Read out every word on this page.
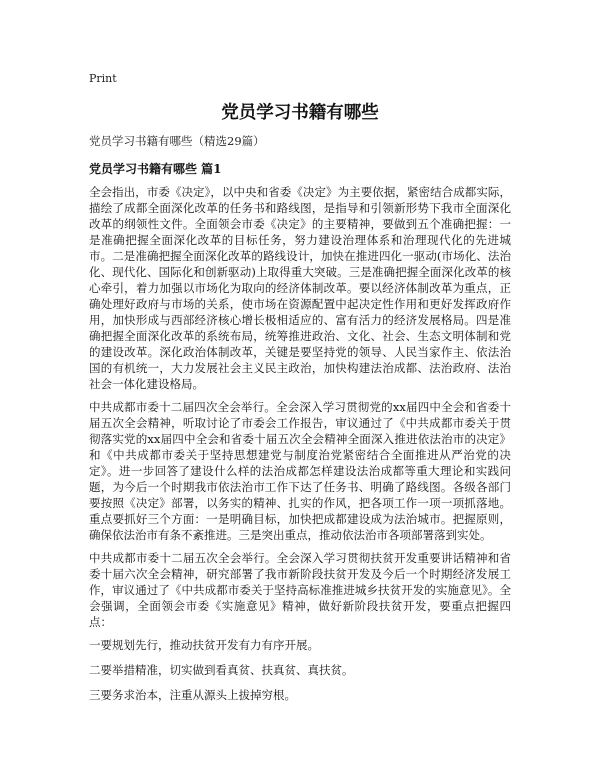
Print
党员学习书籍有哪些
党员学习书籍有哪些（精选29篇）
党员学习书籍有哪些 篇1

全会指出，市委《决定》，以中央和省委《决定》为主要依据，紧密结合成都实际，描绘了成都全面深化改革的任务书和路线图，是指导和引领新形势下我市全面深化改革的纲领性文件。全面领会市委《决定》的主要精神，要做到五个准确把握：一是准确把握全面深化改革的目标任务，努力建设治理体系和治理现代化的先进城市。二是准确把握全面深化改革的路线设计，加快在推进四化一驱动(市场化、法治化、现代化、国际化和创新驱动)上取得重大突破。三是准确把握全面深化改革的核心牵引，着力加强以市场化为取向的经济体制改革。要以经济体制改革为重点，正确处理好政府与市场的关系，使市场在资源配置中起决定性作用和更好发挥政府作用，加快形成与西部经济核心增长极相适应的、富有活力的经济发展格局。四是准确把握全面深化改革的系统布局，统筹推进政治、文化、社会、生态文明体制和党的建设改革。深化政治体制改革，关键是要坚持党的领导、人民当家作主、依法治国的有机统一，大力发展社会主义民主政治，加快构建法治成都、法治政府、法治社会一体化建设格局。

中共成都市委十二届四次全会举行。全会深入学习贯彻党的xx届四中全会和省委十届五次全会精神，听取讨论了市委会工作报告，审议通过了《中共成都市委关于贯彻落实党的xx届四中全会和省委十届五次全会精神全面深入推进依法治市的决定》和《中共成都市委关于坚持思想建党与制度治党紧密结合全面推进从严治党的决定》。进一步回答了建设什么样的法治成都怎样建设法治成都等重大理论和实践问题，为今后一个时期我市依法治市工作下达了任务书、明确了路线图。各级各部门要按照《决定》部署，以务实的精神、扎实的作风，把各项工作一项一项抓落地。重点要抓好三个方面：一是明确目标，加快把成都建设成为法治城市。把握原则，确保依法治市有条不紊推进。三是突出重点，推动依法治市各项部署落到实处。

中共成都市委十二届五次全会举行。全会深入学习贯彻扶贫开发重要讲话精神和省委十届六次全会精神，研究部署了我市新阶段扶贫开发及今后一个时期经济发展工作，审议通过了《中共成都市委关于坚持高标准推进城乡扶贫开发的实施意见》。全会强调，全面领会市委《实施意见》精神，做好新阶段扶贫开发，要重点把握四点：

一要规划先行，推动扶贫开发有力有序开展。

二要举措精准，切实做到看真贫、扶真贫、真扶贫。

三要务求治本，注重从源头上拔掉穷根。
